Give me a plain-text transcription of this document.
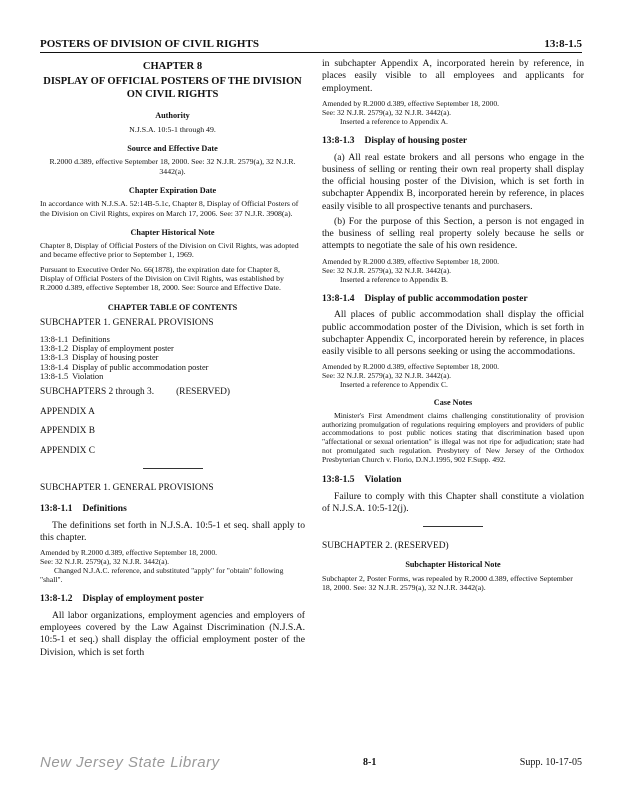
POSTERS OF DIVISION OF CIVIL RIGHTS	13:8-1.5
CHAPTER 8
DISPLAY OF OFFICIAL POSTERS OF THE DIVISION ON CIVIL RIGHTS
Authority
N.J.S.A. 10:5-1 through 49.
Source and Effective Date
R.2000 d.389, effective September 18, 2000. See: 32 N.J.R. 2579(a), 32 N.J.R. 3442(a).
Chapter Expiration Date
In accordance with N.J.S.A. 52:14B-5.1c, Chapter 8, Display of Official Posters of the Division on Civil Rights, expires on March 17, 2006. See: 37 N.J.R. 3908(a).
Chapter Historical Note
Chapter 8, Display of Official Posters of the Division on Civil Rights, was adopted and became effective prior to September 1, 1969.
Pursuant to Executive Order No. 66(1878), the expiration date for Chapter 8, Display of Official Posters of the Division on Civil Rights, was established by R.2000 d.389, effective September 18, 2000. See: Source and Effective Date.
CHAPTER TABLE OF CONTENTS
SUBCHAPTER 1. GENERAL PROVISIONS
13:8-1.1	Definitions
13:8-1.2	Display of employment poster
13:8-1.3	Display of housing poster
13:8-1.4	Display of public accommodation poster
13:8-1.5	Violation
SUBCHAPTERS 2 through 3. (RESERVED)
APPENDIX A
APPENDIX B
APPENDIX C
SUBCHAPTER 1. GENERAL PROVISIONS
13:8-1.1 Definitions
The definitions set forth in N.J.S.A. 10:5-1 et seq. shall apply to this chapter.
Amended by R.2000 d.389, effective September 18, 2000.
See: 32 N.J.R. 2579(a), 32 N.J.R. 3442(a).
Changed N.J.A.C. reference, and substituted "apply" for "obtain" following "shall".
13:8-1.2 Display of employment poster
All labor organizations, employment agencies and employers of employees covered by the Law Against Discrimination (N.J.S.A. 10:5-1 et seq.) shall display the official employment poster of the Division, which is set forth
in subchapter Appendix A, incorporated herein by reference, in places easily visible to all employees and applicants for employment.
Amended by R.2000 d.389, effective September 18, 2000.
See: 32 N.J.R. 2579(a), 32 N.J.R. 3442(a).
Inserted a reference to Appendix A.
13:8-1.3 Display of housing poster
(a) All real estate brokers and all persons who engage in the business of selling or renting their own real property shall display the official housing poster of the Division, which is set forth in subchapter Appendix B, incorporated herein by reference, in places easily visible to all prospective tenants and purchasers.
(b) For the purpose of this Section, a person is not engaged in the business of selling real property solely because he sells or attempts to negotiate the sale of his own residence.
Amended by R.2000 d.389, effective September 18, 2000.
See: 32 N.J.R. 2579(a), 32 N.J.R. 3442(a).
Inserted a reference to Appendix B.
13:8-1.4 Display of public accommodation poster
All places of public accommodation shall display the official public accommodation poster of the Division, which is set forth in subchapter Appendix C, incorporated herein by reference, in places easily visible to all persons seeking or using the accommodations.
Amended by R.2000 d.389, effective September 18, 2000.
See: 32 N.J.R. 2579(a), 32 N.J.R. 3442(a).
Inserted a reference to Appendix C.
Case Notes
Minister's First Amendment claims challenging constitutionality of provision authorizing promulgation of regulations requiring employers and providers of public accommodations to post public notices stating that discrimination based upon "affectational or sexual orientation" is illegal was not ripe for adjudication; state had not promulgated such regulation. Presbytery of New Jersey of the Orthodox Presbyterian Church v. Florio, D.N.J.1995, 902 F.Supp. 492.
13:8-1.5 Violation
Failure to comply with this Chapter shall constitute a violation of N.J.S.A. 10:5-12(j).
SUBCHAPTER 2. (RESERVED)
Subchapter Historical Note
Subchapter 2, Poster Forms, was repealed by R.2000 d.389, effective September 18, 2000. See: 32 N.J.R. 2579(a), 32 N.J.R. 3442(a).
New Jersey State Library	8-1	Supp. 10-17-05
